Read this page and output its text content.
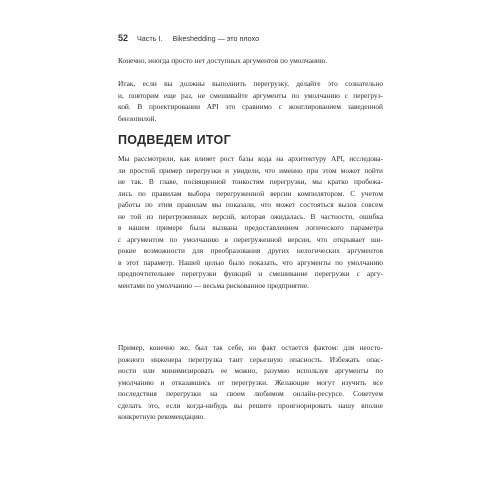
52 Часть I. Bikeshedding — это плохо
Конечно, иногда просто нет доступных аргументов по умолчанию.
Итак, если вы должны выполнить перегрузку, делайте это сознательно
и, повторим еще раз, не смешивайте аргументы по умолчанию с перегруз-
кой. В проектировании API это сравнимо с жонглированием заведенной
бензопилой.
ПОДВЕДЕМ ИТОГ
Мы рассмотрели, как влияет рост базы кода на архитектуру API, исследова-
ли простой пример перегрузки и увидели, что именно при этом может пойти
не так. В главе, посвященной тонкостям перегрузки, мы кратко пробежа-
лись по правилам выбора перегруженной версии компилятором. С учетом
работы по этим правилам мы показали, что может состояться вызов совсем
не той из перегруженных версий, которая ожидалась. В частности, ошибка
в нашем примере была вызвана предоставлением логического параметра
с аргументом по умолчанию в перегруженной версии, что открывает ши-
рокие возможности для преобразования других нелогических аргументов
в этот параметр. Нашей целью было показать, что аргументы по умолчанию
предпочтительнее перегрузки функций и смешивание перегрузки с аргу-
ментами по умолчанию — весьма рискованное предприятие.
Пример, конечно же, был так себе, но факт остается фактом: для неосто-
рожного инженера перегрузка таит серьезную опасность. Избежать опас-
ности или минимизировать ее можно, разумно используя аргументы по
умолчанию и отказавшись от перегрузки. Желающие могут изучить все
последствия перегрузки на своем любимом онлайн-ресурсе. Советуем
сделать это, если когда-нибудь вы решите проигнорировать нашу вполне
конкретную рекомендацию.
